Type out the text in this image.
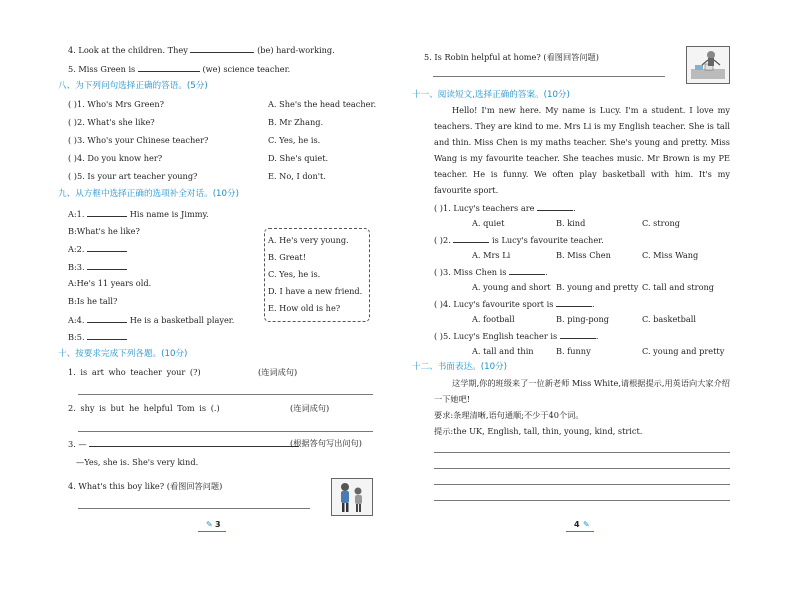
4. Look at the children. They	(be) hard-working.
5. Miss Green is	(we) science teacher.
八、为下列问句选择正确的答语。(5分)
( )1. Who's Mrs Green?	A. She's the head teacher.
( )2. What's she like?	B. Mr Zhang.
( )3. Who's your Chinese teacher?	C. Yes, he is.
( )4. Do you know her?	D. She's quiet.
( )5. Is your art teacher young?	E. No, I don't.
九、从方框中选择正确的选项补全对话。(10分)
A:1.	His name is Jimmy.
B:What's he like?
A:2.
B:3.
A:He's 11 years old.
B:Is he tall?
A:4.	He is a basketball player.
B:5.
A. He's very young.
B. Great!
C. Yes, he is.
D. I have a new friend.
E. How old is he?
十、按要求完成下列各题。(10分)
1. is art who teacher your (?)	(连词成句)
2. shy is but he helpful Tom is (.)	(连词成句)
3. —	(根据答句写出问句)
—Yes, she is. She's very kind.
4. What's this boy like? (看图回答问题)
✎ 3
5. Is Robin helpful at home? (看图回答问题)
十一、阅读短文,选择正确的答案。(10分)
Hello! I'm new here. My name is Lucy. I'm a student. I love my teachers. They are kind to me. Mrs Li is my English teacher. She is tall and thin. Miss Chen is my maths teacher. She's young and pretty. Miss Wang is my favourite teacher. She teaches music. Mr Brown is my PE teacher. He is funny. We often play basketball with him. It's my favourite sport.
( )1. Lucy's teachers are	.
A. quiet	B. kind	C. strong
( )2.	is Lucy's favourite teacher.
A. Mrs Li	B. Miss Chen	C. Miss Wang
( )3. Miss Chen is	.
A. young and short B. young and pretty C. tall and strong
( )4. Lucy's favourite sport is	.
A. football	B. ping-pong	C. basketball
( )5. Lucy's English teacher is	.
A. tall and thin	B. funny	C. young and pretty
十二、书面表达。(10分)
这学期,你的班级来了一位新老师 Miss White,请根据提示,用英语向大家介绍一下她吧!
要求:条理清晰,语句通顺;不少于40个词。
提示:the UK, English, tall, thin, young, kind, strict.
4 ✎
